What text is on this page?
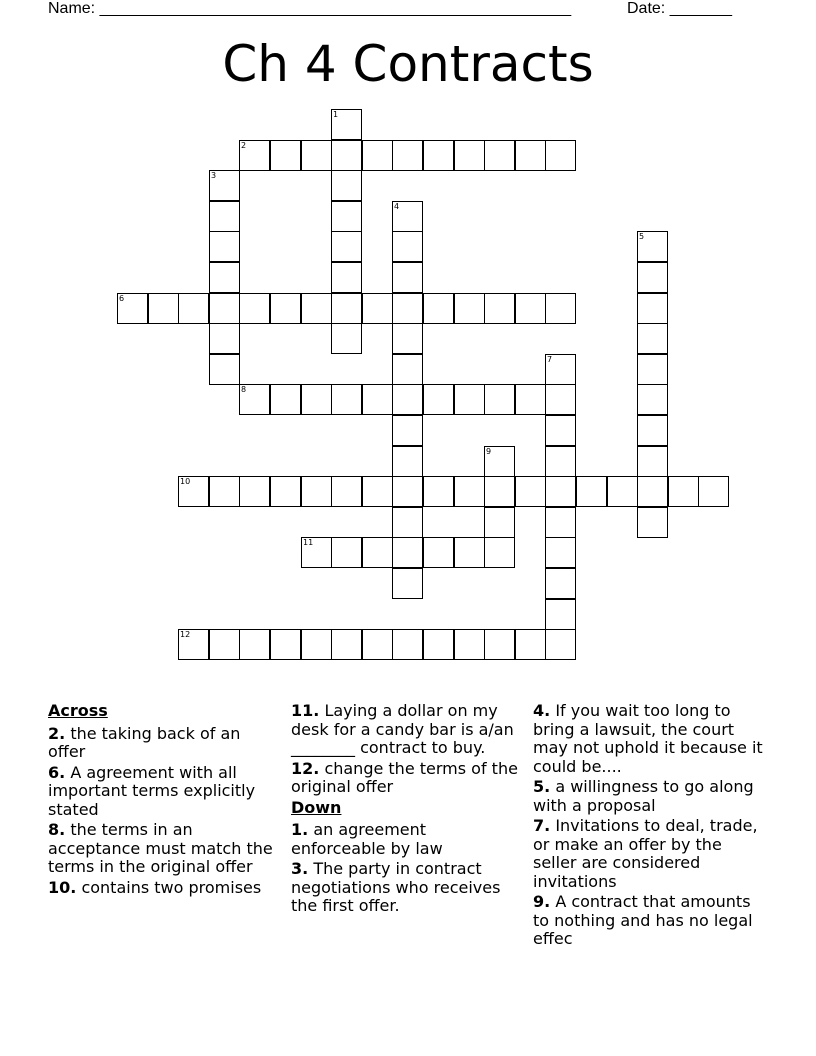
Name: _____________________________________________________	Date: _______
Ch 4 Contracts
1
2
3
4
5
6
7
8
9
10
11
12
Across
2. the taking back of an offer
6. A agreement with all important terms explicitly stated
8. the terms in an acceptance must match the terms in the original offer
10. contains two promises
11. Laying a dollar on my desk for a candy bar is a/an ________ contract to buy.
12. change the terms of the original offer
Down
1. an agreement enforceable by law
3. The party in contract negotiations who receives the first offer.
4. If you wait too long to bring a lawsuit, the court may not uphold it because it could be....
5. a willingness to go along with a proposal
7. Invitations to deal, trade, or make an offer by the seller are considered invitations
9. A contract that amounts to nothing and has no legal effec
